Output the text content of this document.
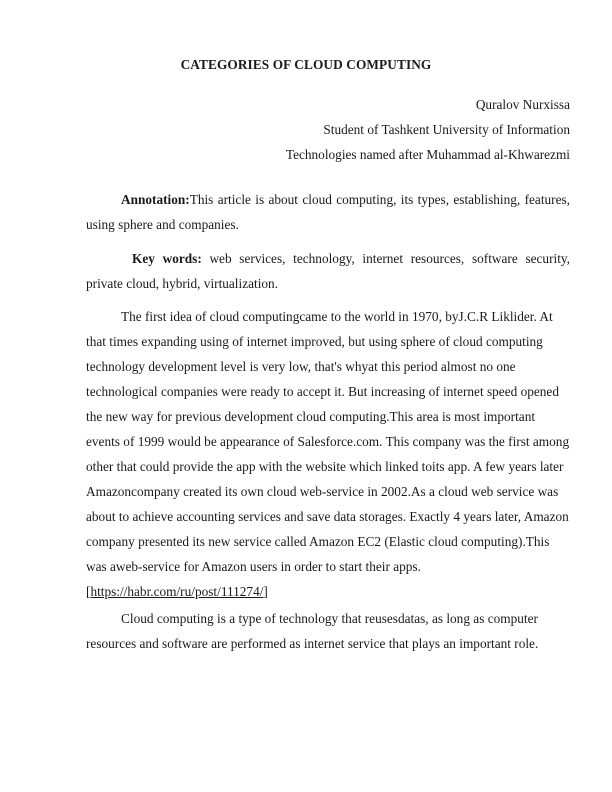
CATEGORIES OF CLOUD COMPUTING
Quralov Nurxissa
Student of Tashkent University of Information
Technologies named after Muhammad al-Khwarezmi

Annotation:This article is about cloud computing, its types, establishing, features, using sphere and companies.

Key words: web services, technology, internet resources, software security, private cloud, hybrid, virtualization.

The first idea of cloud computingcame to the world in 1970, byJ.C.R Liklider. At that times expanding using of internet improved, but using sphere of cloud computing technology development level is very low, that's whyat this period almost no one technological companies were ready to accept it. But increasing of internet speed opened the new way for previous development cloud computing.This area is most important events of 1999 would be appearance of Salesforce.com. This company was the first among other that could provide the app with the website which linked toits app. A few years later Amazoncompany created its own cloud web-service in 2002.As a cloud web service was about to achieve accounting services and save data storages. Exactly 4 years later, Amazon company presented its new service called Amazon EC2 (Elastic cloud computing).This was aweb-service for Amazon users in order to start their apps.[https://habr.com/ru/post/111274/]

Cloud computing is a type of technology that reusesdatas, as long as computer resources and software are performed as internet service that plays an important role.
